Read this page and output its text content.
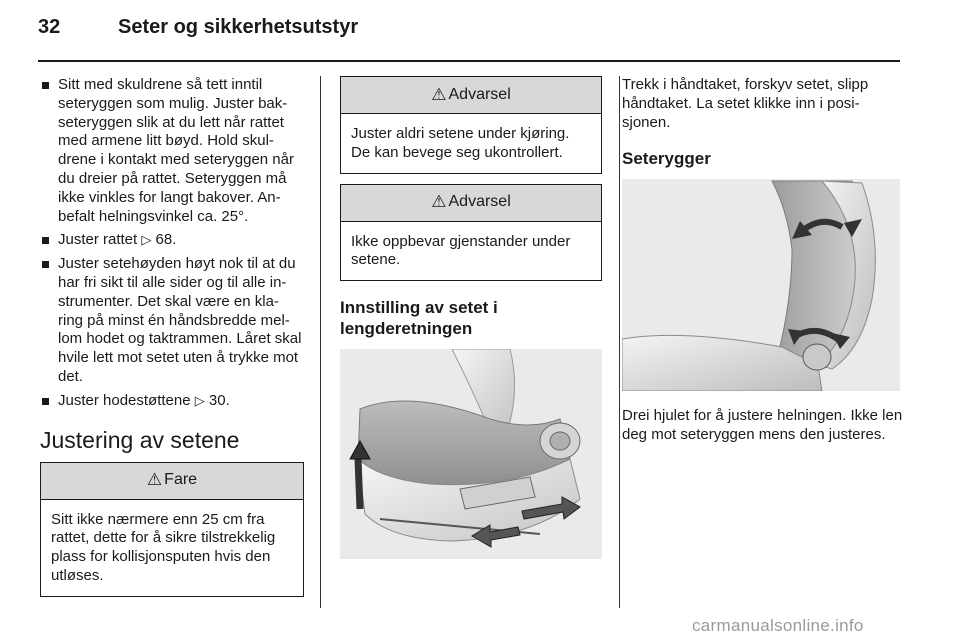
32	Seter og sikkerhetsutstyr
Sitt med skuldrene så tett inntil seteryggen som mulig. Juster bak- seteryggen slik at du lett når rattet med armene litt bøyd. Hold skul- drene i kontakt med seteryggen når du dreier på rattet. Seteryggen må ikke vinkles for langt bakover. An- befalt helningsvinkel ca. 25°.
Juster rattet ▷ 68.
Juster setehøyden høyt nok til at du har fri sikt til alle sider og til alle in- strumenter. Det skal være en kla- ring på minst én håndsbredde mel- lom hodet og taktrammen. Låret skal hvile lett mot setet uten å trykke mot det.
Juster hodestøttene ▷ 30.
Justering av setene
⚠ Fare
Sitt ikke nærmere enn 25 cm fra rattet, dette for å sikre tilstrekkelig plass for kollisjonsputen hvis den utløses.
⚠ Advarsel
Juster aldri setene under kjøring. De kan bevege seg ukontrollert.
⚠ Advarsel
Ikke oppbevar gjenstander under setene.
Innstilling av setet i lengderetningen

Trekk i håndtaket, forskyv setet, slipp håndtaket. La setet klikke inn i posi- sjonen.

Seterygger

Drei hjulet for å justere helningen. Ikke len deg mot seteryggen mens den justeres.

carmanualsonline.info
